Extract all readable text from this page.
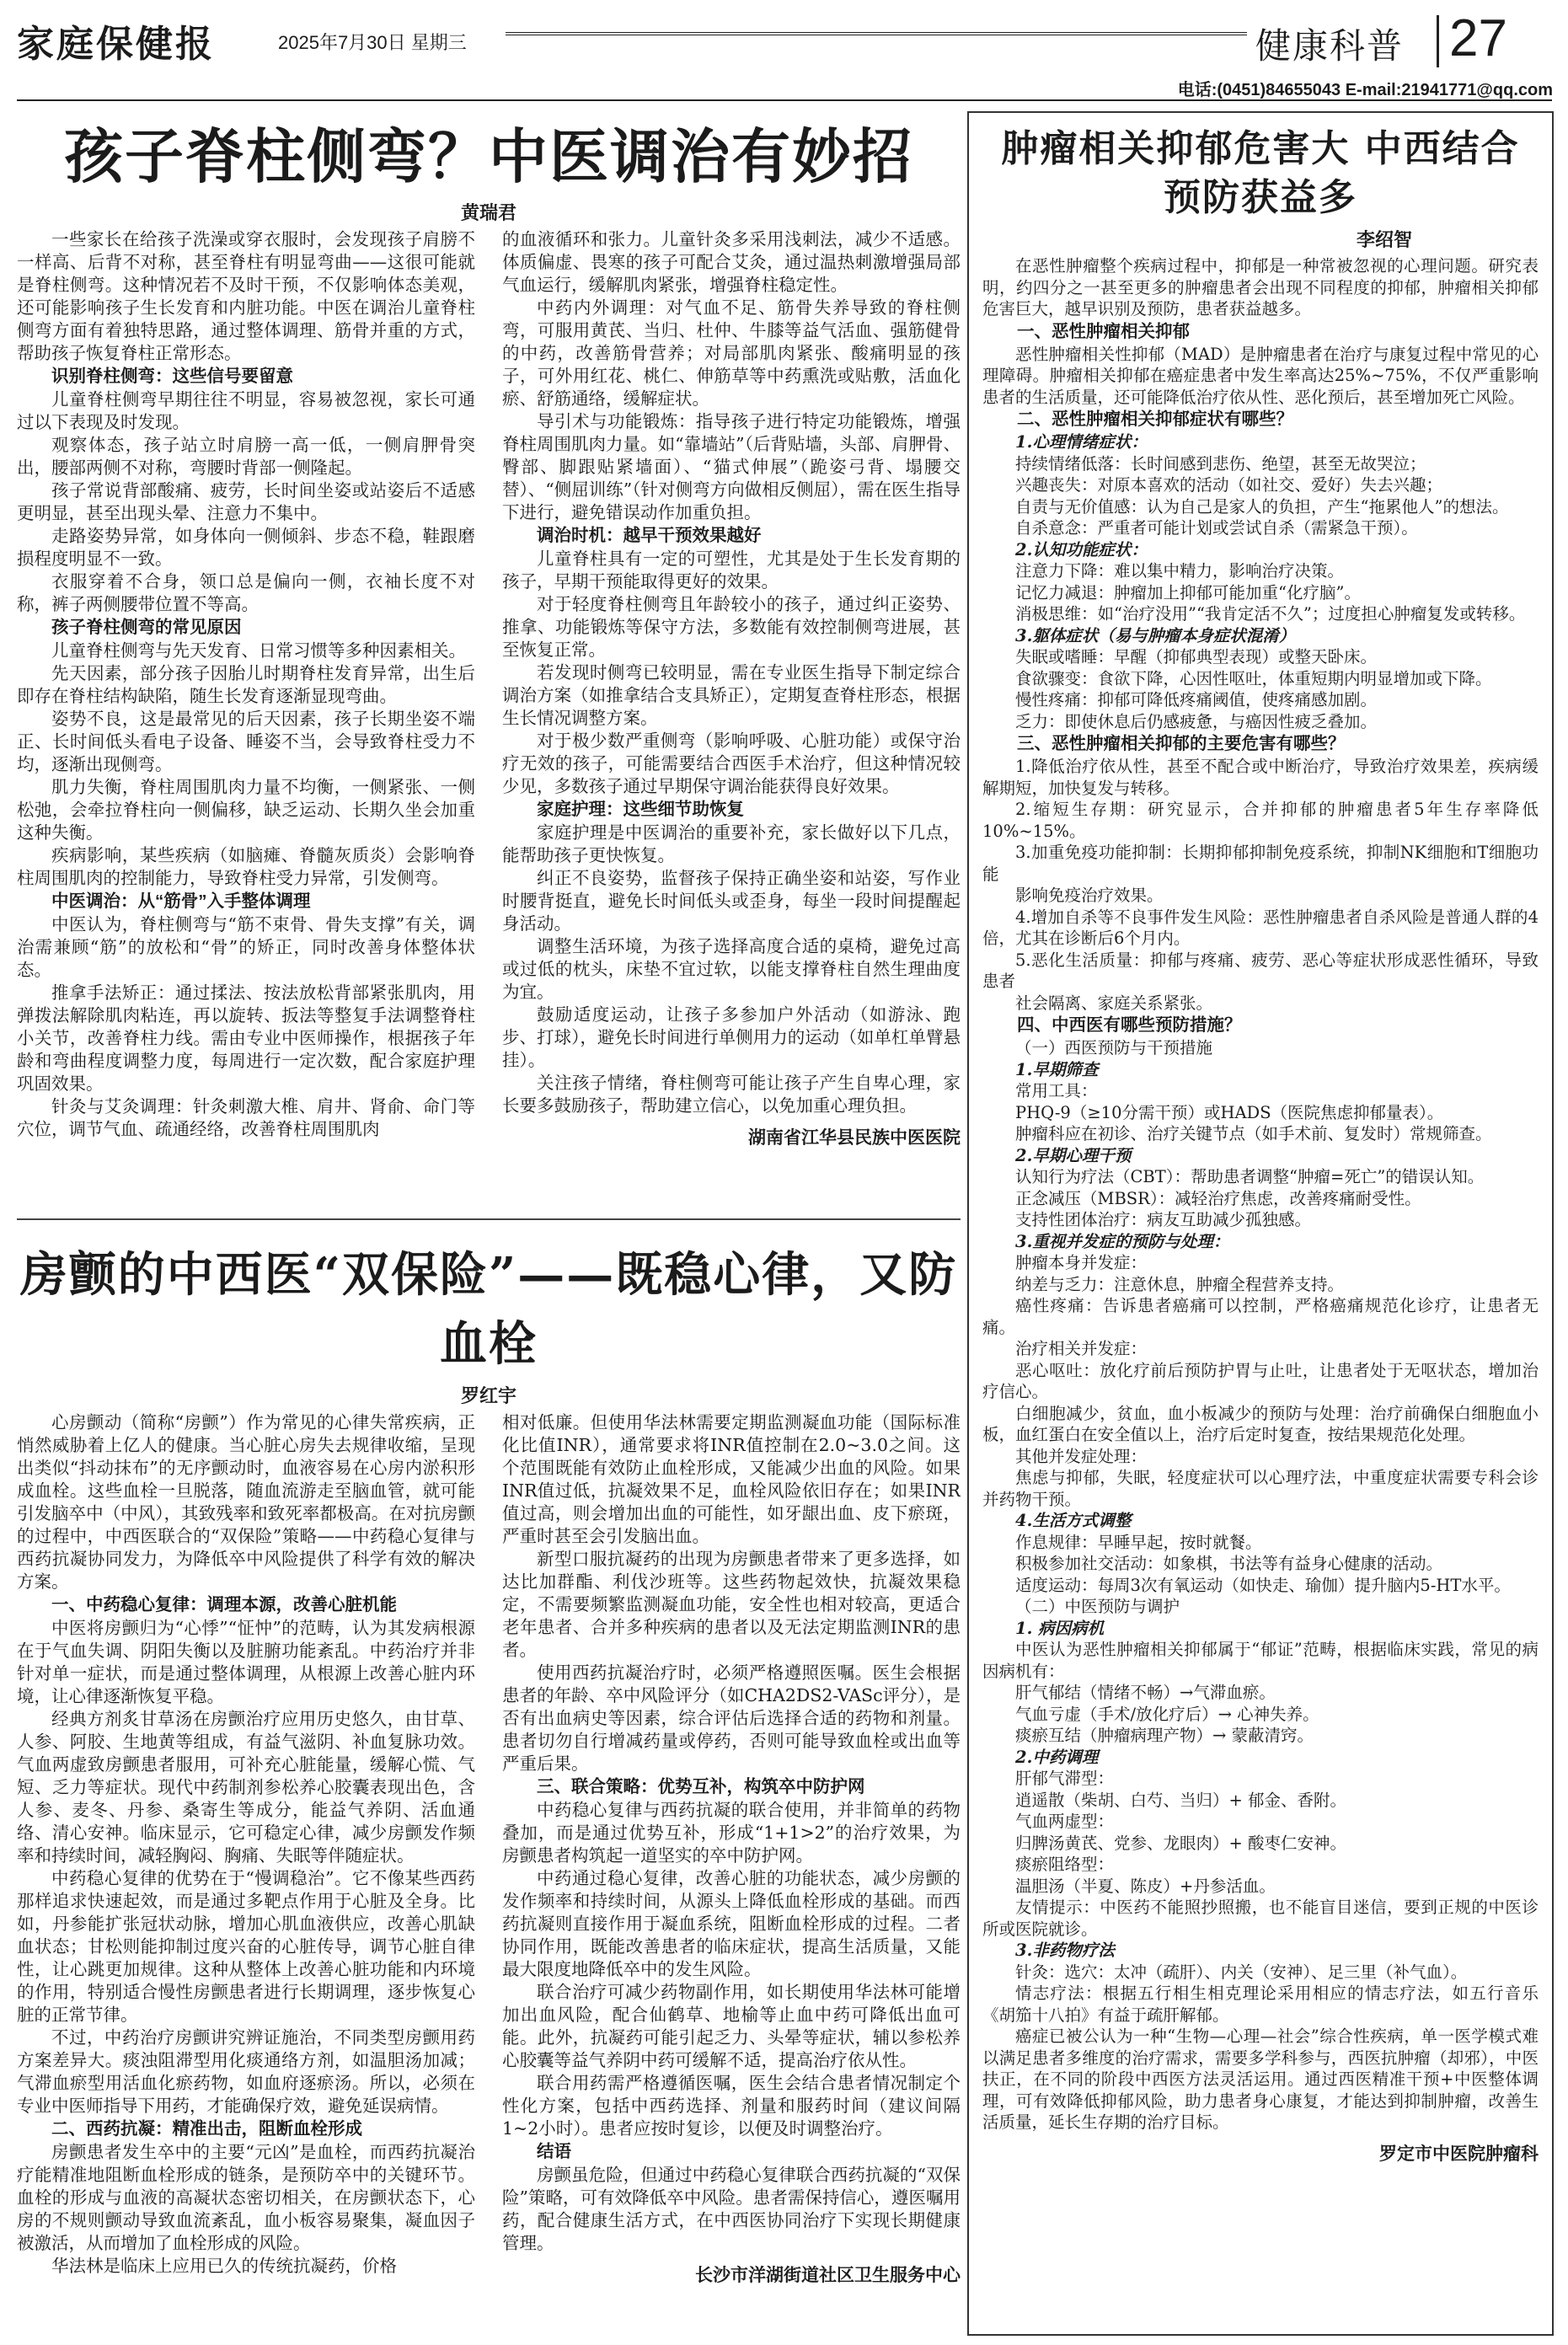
家庭保健报	2025年7月30日 星期三	健康科普 27
电话:(0451)84655043 E-mail:21941771@qq.com
孩子脊柱侧弯？中医调治有妙招
黄瑞君
一些家长在给孩子洗澡或穿衣服时，会发现孩子肩膀不一样高、后背不对称，甚至脊柱有明显弯曲——这很可能就是脊柱侧弯。这种情况若不及时干预，不仅影响体态美观，还可能影响孩子生长发育和内脏功能。中医在调治儿童脊柱侧弯方面有着独特思路，通过整体调理、筋骨并重的方式，帮助孩子恢复脊柱正常形态。
识别脊柱侧弯：这些信号要留意
儿童脊柱侧弯早期往往不明显，容易被忽视，家长可通过以下表现及时发现。
观察体态，孩子站立时肩膀一高一低，一侧肩胛骨突出，腰部两侧不对称，弯腰时背部一侧隆起。
孩子常说背部酸痛、疲劳，长时间坐姿或站姿后不适感更明显，甚至出现头晕、注意力不集中。
走路姿势异常，如身体向一侧倾斜、步态不稳，鞋跟磨损程度明显不一致。
衣服穿着不合身，领口总是偏向一侧，衣袖长度不对称，裤子两侧腰带位置不等高。
孩子脊柱侧弯的常见原因
儿童脊柱侧弯与先天发育、日常习惯等多种因素相关。
先天因素，部分孩子因胎儿时期脊柱发育异常，出生后即存在脊柱结构缺陷，随生长发育逐渐显现弯曲。
姿势不良，这是最常见的后天因素，孩子长期坐姿不端正、长时间低头看电子设备、睡姿不当，会导致脊柱受力不均，逐渐出现侧弯。
肌力失衡，脊柱周围肌肉力量不均衡，一侧紧张、一侧松弛，会牵拉脊柱向一侧偏移，缺乏运动、长期久坐会加重这种失衡。
疾病影响，某些疾病（如脑瘫、脊髓灰质炎）会影响脊柱周围肌肉的控制能力，导致脊柱受力异常，引发侧弯。
中医调治：从“筋骨”入手整体调理
中医认为，脊柱侧弯与“筋不束骨、骨失支撑”有关，调治需兼顾“筋”的放松和“骨”的矫正，同时改善身体整体状态。
推拿手法矫正：通过揉法、按法放松背部紧张肌肉，用弹拨法解除肌肉粘连，再以旋转、扳法等整复手法调整脊柱小关节，改善脊柱力线。需由专业中医师操作，根据孩子年龄和弯曲程度调整力度，每周进行一定次数，配合家庭护理巩固效果。
针灸与艾灸调理：针灸刺激大椎、肩井、肾俞、命门等穴位，调节气血、疏通经络，改善脊柱周围肌肉
的血液循环和张力。儿童针灸多采用浅刺法，减少不适感。体质偏虚、畏寒的孩子可配合艾灸，通过温热刺激增强局部气血运行，缓解肌肉紧张，增强脊柱稳定性。
中药内外调理：对气血不足、筋骨失养导致的脊柱侧弯，可服用黄芪、当归、杜仲、牛膝等益气活血、强筋健骨的中药，改善筋骨营养；对局部肌肉紧张、酸痛明显的孩子，可外用红花、桃仁、伸筋草等中药熏洗或贴敷，活血化瘀、舒筋通络，缓解症状。
导引术与功能锻炼：指导孩子进行特定功能锻炼，增强脊柱周围肌肉力量。如“靠墙站”（后背贴墙，头部、肩胛骨、臀部、脚跟贴紧墙面）、“猫式伸展”（跪姿弓背、塌腰交替）、“侧屈训练”（针对侧弯方向做相反侧屈），需在医生指导下进行，避免错误动作加重负担。
调治时机：越早干预效果越好
儿童脊柱具有一定的可塑性，尤其是处于生长发育期的孩子，早期干预能取得更好的效果。
对于轻度脊柱侧弯且年龄较小的孩子，通过纠正姿势、推拿、功能锻炼等保守方法，多数能有效控制侧弯进展，甚至恢复正常。
若发现时侧弯已较明显，需在专业医生指导下制定综合调治方案（如推拿结合支具矫正），定期复查脊柱形态，根据生长情况调整方案。
对于极少数严重侧弯（影响呼吸、心脏功能）或保守治疗无效的孩子，可能需要结合西医手术治疗，但这种情况较少见，多数孩子通过早期保守调治能获得良好效果。
家庭护理：这些细节助恢复
家庭护理是中医调治的重要补充，家长做好以下几点，能帮助孩子更快恢复。
纠正不良姿势，监督孩子保持正确坐姿和站姿，写作业时腰背挺直，避免长时间低头或歪身，每坐一段时间提醒起身活动。
调整生活环境，为孩子选择高度合适的桌椅，避免过高或过低的枕头，床垫不宜过软，以能支撑脊柱自然生理曲度为宜。
鼓励适度运动，让孩子多参加户外活动（如游泳、跑步、打球），避免长时间进行单侧用力的运动（如单杠单臂悬挂）。
关注孩子情绪，脊柱侧弯可能让孩子产生自卑心理，家长要多鼓励孩子，帮助建立信心，以免加重心理负担。
湖南省江华县民族中医医院
房颤的中西医“双保险”——既稳心律，又防血栓
罗红宇
心房颤动（简称“房颤”）作为常见的心律失常疾病，正悄然威胁着上亿人的健康。当心脏心房失去规律收缩，呈现出类似“抖动抹布”的无序颤动时，血液容易在心房内淤积形成血栓。这些血栓一旦脱落，随血流游走至脑血管，就可能引发脑卒中（中风），其致残率和致死率都极高。在对抗房颤的过程中，中西医联合的“双保险”策略——中药稳心复律与西药抗凝协同发力，为降低卒中风险提供了科学有效的解决方案。
一、中药稳心复律：调理本源，改善心脏机能
中医将房颤归为“心悸”“怔忡”的范畴，认为其发病根源在于气血失调、阴阳失衡以及脏腑功能紊乱。中药治疗并非针对单一症状，而是通过整体调理，从根源上改善心脏内环境，让心律逐渐恢复平稳。
经典方剂炙甘草汤在房颤治疗应用历史悠久，由甘草、人参、阿胶、生地黄等组成，有益气滋阴、补血复脉功效。气血两虚致房颤患者服用，可补充心脏能量，缓解心慌、气短、乏力等症状。现代中药制剂参松养心胶囊表现出色，含人参、麦冬、丹参、桑寄生等成分，能益气养阴、活血通络、清心安神。临床显示，它可稳定心律，减少房颤发作频率和持续时间，减轻胸闷、胸痛、失眠等伴随症状。
中药稳心复律的优势在于“慢调稳治”。它不像某些西药那样追求快速起效，而是通过多靶点作用于心脏及全身。比如，丹参能扩张冠状动脉，增加心肌血液供应，改善心肌缺血状态；甘松则能抑制过度兴奋的心脏传导，调节心脏自律性，让心跳更加规律。这种从整体上改善心脏功能和内环境的作用，特别适合慢性房颤患者进行长期调理，逐步恢复心脏的正常节律。
不过，中药治疗房颤讲究辨证施治，不同类型房颤用药方案差异大。痰浊阻滞型用化痰通络方剂，如温胆汤加减；气滞血瘀型用活血化瘀药物，如血府逐瘀汤。所以，必须在专业中医师指导下用药，才能确保疗效，避免延误病情。
二、西药抗凝：精准出击，阻断血栓形成
房颤患者发生卒中的主要“元凶”是血栓，而西药抗凝治疗能精准地阻断血栓形成的链条，是预防卒中的关键环节。血栓的形成与血液的高凝状态密切相关，在房颤状态下，心房的不规则颤动导致血流紊乱，血小板容易聚集，凝血因子被激活，从而增加了血栓形成的风险。
华法林是临床上应用已久的传统抗凝药，价格
相对低廉。但使用华法林需要定期监测凝血功能（国际标准化比值INR），通常要求将INR值控制在2.0~3.0之间。这个范围既能有效防止血栓形成，又能减少出血的风险。如果INR值过低，抗凝效果不足，血栓风险依旧存在；如果INR值过高，则会增加出血的可能性，如牙龈出血、皮下瘀斑，严重时甚至会引发脑出血。
新型口服抗凝药的出现为房颤患者带来了更多选择，如达比加群酯、利伐沙班等。这些药物起效快，抗凝效果稳定，不需要频繁监测凝血功能，安全性也相对较高，更适合老年患者、合并多种疾病的患者以及无法定期监测INR的患者。
使用西药抗凝治疗时，必须严格遵照医嘱。医生会根据患者的年龄、卒中风险评分（如CHA2DS2-VASc评分），是否有出血病史等因素，综合评估后选择合适的药物和剂量。患者切勿自行增减药量或停药，否则可能导致血栓或出血等严重后果。
三、联合策略：优势互补，构筑卒中防护网
中药稳心复律与西药抗凝的联合使用，并非简单的药物叠加，而是通过优势互补，形成“1+1>2”的治疗效果，为房颤患者构筑起一道坚实的卒中防护网。
中药通过稳心复律，改善心脏的功能状态，减少房颤的发作频率和持续时间，从源头上降低血栓形成的基础。而西药抗凝则直接作用于凝血系统，阻断血栓形成的过程。二者协同作用，既能改善患者的临床症状，提高生活质量，又能最大限度地降低卒中的发生风险。
联合治疗可减少药物副作用，如长期使用华法林可能增加出血风险，配合仙鹤草、地榆等止血中药可降低出血可能。此外，抗凝药可能引起乏力、头晕等症状，辅以参松养心胶囊等益气养阴中药可缓解不适，提高治疗依从性。
联合用药需严格遵循医嘱，医生会结合患者情况制定个性化方案，包括中西药选择、剂量和服药时间（建议间隔1~2小时）。患者应按时复诊，以便及时调整治疗。
结语
房颤虽危险，但通过中药稳心复律联合西药抗凝的“双保险”策略，可有效降低卒中风险。患者需保持信心，遵医嘱用药，配合健康生活方式，在中西医协同治疗下实现长期健康管理。
长沙市洋湖街道社区卫生服务中心
肿瘤相关抑郁危害大 中西结合预防获益多
李绍智
在恶性肿瘤整个疾病过程中，抑郁是一种常被忽视的心理问题。研究表明，约四分之一甚至更多的肿瘤患者会出现不同程度的抑郁，肿瘤相关抑郁危害巨大，越早识别及预防，患者获益越多。
一、恶性肿瘤相关抑郁
恶性肿瘤相关性抑郁（MAD）是肿瘤患者在治疗与康复过程中常见的心理障碍。肿瘤相关抑郁在癌症患者中发生率高达25%~75%，不仅严重影响患者的生活质量，还可能降低治疗依从性、恶化预后，甚至增加死亡风险。
二、恶性肿瘤相关抑郁症状有哪些？
1.心理情绪症状：
持续情绪低落：长时间感到悲伤、绝望，甚至无故哭泣；
兴趣丧失：对原本喜欢的活动（如社交、爱好）失去兴趣；
自责与无价值感：认为自己是家人的负担，产生“拖累他人”的想法。
自杀意念：严重者可能计划或尝试自杀（需紧急干预）。
2.认知功能症状：
注意力下降：难以集中精力，影响治疗决策。
记忆力减退：肿瘤加上抑郁可能加重“化疗脑”。
消极思维：如“治疗没用”“我肯定活不久”；过度担心肿瘤复发或转移。
3.躯体症状（易与肿瘤本身症状混淆）
失眠或嗜睡：早醒（抑郁典型表现）或整天卧床。
食欲骤变：食欲下降，心因性呕吐，体重短期内明显增加或下降。
慢性疼痛：抑郁可降低疼痛阈值，使疼痛感加剧。
乏力：即使休息后仍感疲惫，与癌因性疲乏叠加。
三、恶性肿瘤相关抑郁的主要危害有哪些？
1.降低治疗依从性，甚至不配合或中断治疗，导致治疗效果差，疾病缓解期短，加快复发与转移。
2.缩短生存期：研究显示，合并抑郁的肿瘤患者5年生存率降低10%~15%。
3.加重免疫功能抑制：长期抑郁抑制免疫系统，抑制NK细胞和T细胞功能
影响免疫治疗效果。
4.增加自杀等不良事件发生风险：恶性肿瘤患者自杀风险是普通人群的4倍，尤其在诊断后6个月内。
5.恶化生活质量：抑郁与疼痛、疲劳、恶心等症状形成恶性循环，导致患者
社会隔离、家庭关系紧张。
四、中西医有哪些预防措施？
（一）西医预防与干预措施
1.早期筛查
常用工具：
PHQ-9（≥10分需干预）或HADS（医院焦虑抑郁量表）。
肿瘤科应在初诊、治疗关键节点（如手术前、复发时）常规筛查。
2.早期心理干预
认知行为疗法（CBT）：帮助患者调整“肿瘤=死亡”的错误认知。
正念减压（MBSR）：减轻治疗焦虑，改善疼痛耐受性。
支持性团体治疗：病友互助减少孤独感。
3.重视并发症的预防与处理：
肿瘤本身并发症：
纳差与乏力：注意休息，肿瘤全程营养支持。
癌性疼痛：告诉患者癌痛可以控制，严格癌痛规范化诊疗，让患者无痛。
治疗相关并发症：
恶心呕吐：放化疗前后预防护胃与止吐，让患者处于无呕状态，增加治疗信心。
白细胞减少，贫血，血小板减少的预防与处理：治疗前确保白细胞血小板，血红蛋白在安全值以上，治疗后定时复查，按结果规范化处理。
其他并发症处理：
焦虑与抑郁，失眠，轻度症状可以心理疗法，中重度症状需要专科会诊并药物干预。
4.生活方式调整
作息规律：早睡早起，按时就餐。
积极参加社交活动：如象棋，书法等有益身心健康的活动。
适度运动：每周3次有氧运动（如快走、瑜伽）提升脑内5-HT水平。
（二）中医预防与调护
1. 病因病机
中医认为恶性肿瘤相关抑郁属于“郁证”范畴，根据临床实践，常见的病因病机有：
肝气郁结（情绪不畅）→气滞血瘀。
气血亏虚（手术/放化疗后）→ 心神失养。
痰瘀互结（肿瘤病理产物）→ 蒙蔽清窍。
2.中药调理
肝郁气滞型：
逍遥散（柴胡、白芍、当归）+ 郁金、香附。
气血两虚型：
归脾汤黄芪、党参、龙眼肉）+ 酸枣仁安神。
痰瘀阻络型：
温胆汤（半夏、陈皮）+丹参活血。
友情提示：中医药不能照抄照搬，也不能盲目迷信，要到正规的中医诊所或医院就诊。
3.非药物疗法
针灸：选穴：太冲（疏肝）、内关（安神）、足三里（补气血）。
情志疗法：根据五行相生相克理论采用相应的情志疗法，如五行音乐《胡笳十八拍》有益于疏肝解郁。
癌症已被公认为一种“生物—心理—社会”综合性疾病，单一医学模式难以满足患者多维度的治疗需求，需要多学科参与，西医抗肿瘤（却邪），中医扶正，在不同的阶段中西医方法灵活运用。通过西医精准干预+中医整体调理，可有效降低抑郁风险，助力患者身心康复，才能达到抑制肿瘤，改善生活质量，延长生存期的治疗目标。
罗定市中医院肿瘤科
